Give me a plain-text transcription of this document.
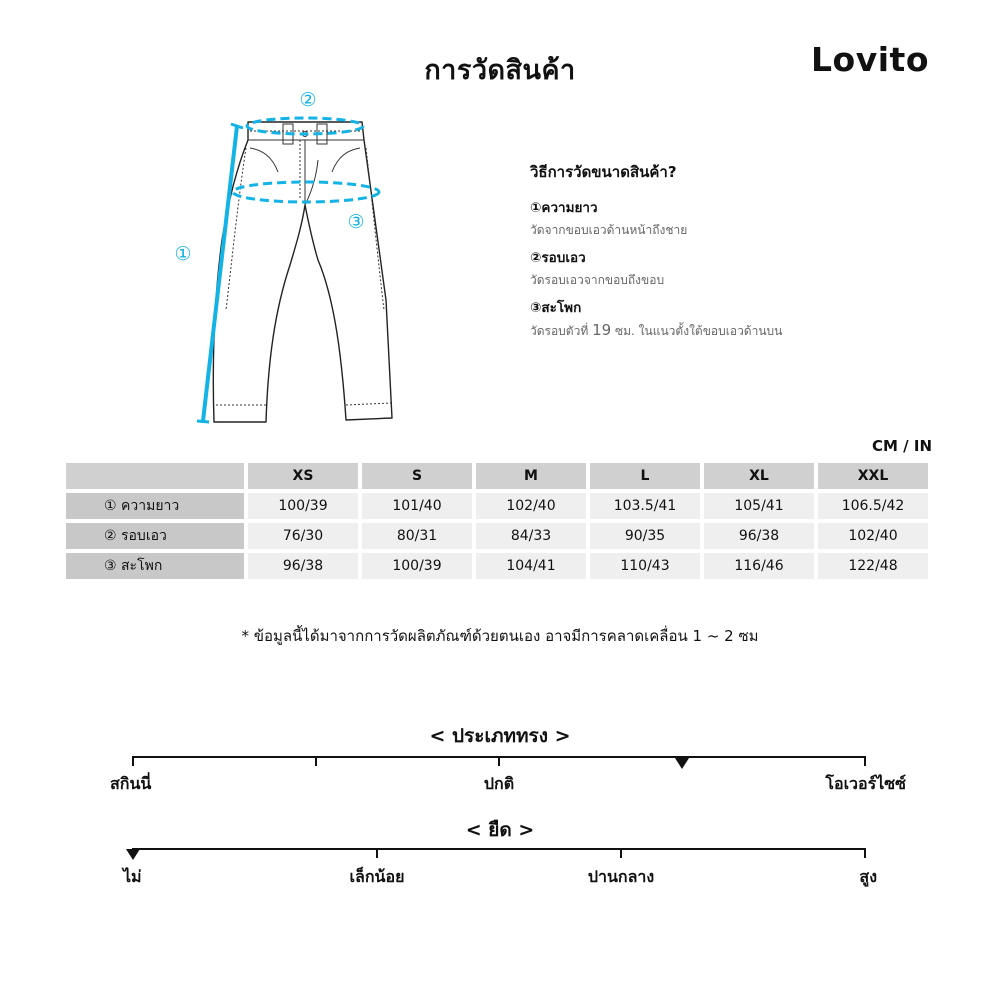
การวัดสินค้า	Lovito
②
③
①
วิธีการวัดขนาดสินค้า?
①ความยาว
วัดจากขอบเอวด้านหน้าถึงชาย
②รอบเอว
วัดรอบเอวจากขอบถึงขอบ
③สะโพก
วัดรอบตัวที่ 19 ซม. ในแนวตั้งใต้ขอบเอวด้านบน
CM / IN
	XS	S	M	L	XL	XXL
① ความยาว	100/39	101/40	102/40	103.5/41	105/41	106.5/42
② รอบเอว	76/30	80/31	84/33	90/35	96/38	102/40
③ สะโพก	96/38	100/39	104/41	110/43	116/46	122/48
* ข้อมูลนี้ได้มาจากการวัดผลิตภัณฑ์ด้วยตนเอง อาจมีการคลาดเคลื่อน 1 ~ 2 ซม
< ประเภททรง >
สกินนี่	ปกติ	โอเวอร์ไซซ์
< ยืด >
ไม่	เล็กน้อย	ปานกลาง	สูง
